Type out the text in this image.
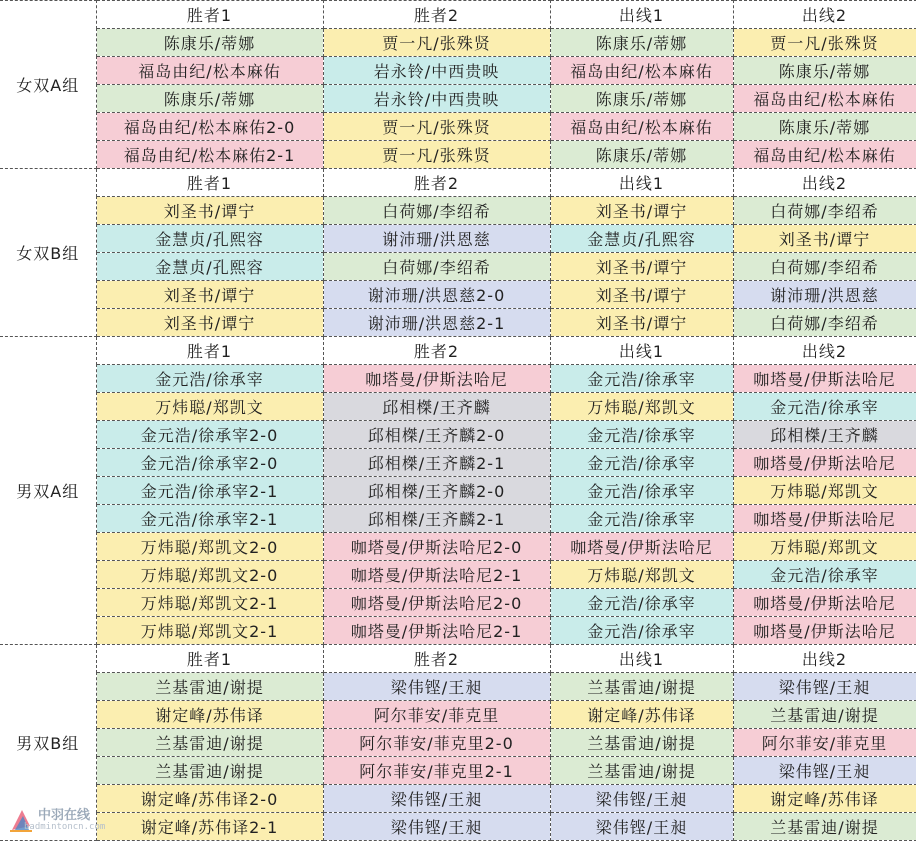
女双A组	胜者1	胜者2	出线1	出线2
	陈康乐/蒂娜	贾一凡/张殊贤	陈康乐/蒂娜	贾一凡/张殊贤
	福岛由纪/松本麻佑	岩永铃/中西贵映	福岛由纪/松本麻佑	陈康乐/蒂娜
	陈康乐/蒂娜	岩永铃/中西贵映	陈康乐/蒂娜	福岛由纪/松本麻佑
	福岛由纪/松本麻佑2-0	贾一凡/张殊贤	福岛由纪/松本麻佑	陈康乐/蒂娜
	福岛由纪/松本麻佑2-1	贾一凡/张殊贤	陈康乐/蒂娜	福岛由纪/松本麻佑
女双B组	胜者1	胜者2	出线1	出线2
	刘圣书/谭宁	白荷娜/李绍希	刘圣书/谭宁	白荷娜/李绍希
	金慧贞/孔熙容	谢沛珊/洪恩慈	金慧贞/孔熙容	刘圣书/谭宁
	金慧贞/孔熙容	白荷娜/李绍希	刘圣书/谭宁	白荷娜/李绍希
	刘圣书/谭宁	谢沛珊/洪恩慈2-0	刘圣书/谭宁	谢沛珊/洪恩慈
	刘圣书/谭宁	谢沛珊/洪恩慈2-1	刘圣书/谭宁	白荷娜/李绍希
男双A组	胜者1	胜者2	出线1	出线2
	金元浩/徐承宰	咖塔曼/伊斯法哈尼	金元浩/徐承宰	咖塔曼/伊斯法哈尼
	万炜聪/郑凯文	邱相榤/王齐麟	万炜聪/郑凯文	金元浩/徐承宰
	金元浩/徐承宰2-0	邱相榤/王齐麟2-0	金元浩/徐承宰	邱相榤/王齐麟
	金元浩/徐承宰2-0	邱相榤/王齐麟2-1	金元浩/徐承宰	咖塔曼/伊斯法哈尼
	金元浩/徐承宰2-1	邱相榤/王齐麟2-0	金元浩/徐承宰	万炜聪/郑凯文
	金元浩/徐承宰2-1	邱相榤/王齐麟2-1	金元浩/徐承宰	咖塔曼/伊斯法哈尼
	万炜聪/郑凯文2-0	咖塔曼/伊斯法哈尼2-0	咖塔曼/伊斯法哈尼	万炜聪/郑凯文
	万炜聪/郑凯文2-0	咖塔曼/伊斯法哈尼2-1	万炜聪/郑凯文	金元浩/徐承宰
	万炜聪/郑凯文2-1	咖塔曼/伊斯法哈尼2-0	金元浩/徐承宰	咖塔曼/伊斯法哈尼
	万炜聪/郑凯文2-1	咖塔曼/伊斯法哈尼2-1	金元浩/徐承宰	咖塔曼/伊斯法哈尼
男双B组	胜者1	胜者2	出线1	出线2
	兰基雷迪/谢提	梁伟铿/王昶	兰基雷迪/谢提	梁伟铿/王昶
	谢定峰/苏伟译	阿尔菲安/菲克里	谢定峰/苏伟译	兰基雷迪/谢提
	兰基雷迪/谢提	阿尔菲安/菲克里2-0	兰基雷迪/谢提	阿尔菲安/菲克里
	兰基雷迪/谢提	阿尔菲安/菲克里2-1	兰基雷迪/谢提	梁伟铿/王昶
	谢定峰/苏伟译2-0	梁伟铿/王昶	梁伟铿/王昶	谢定峰/苏伟译
	谢定峰/苏伟译2-1	梁伟铿/王昶	梁伟铿/王昶	兰基雷迪/谢提
中羽在线
badmintoncn.com
